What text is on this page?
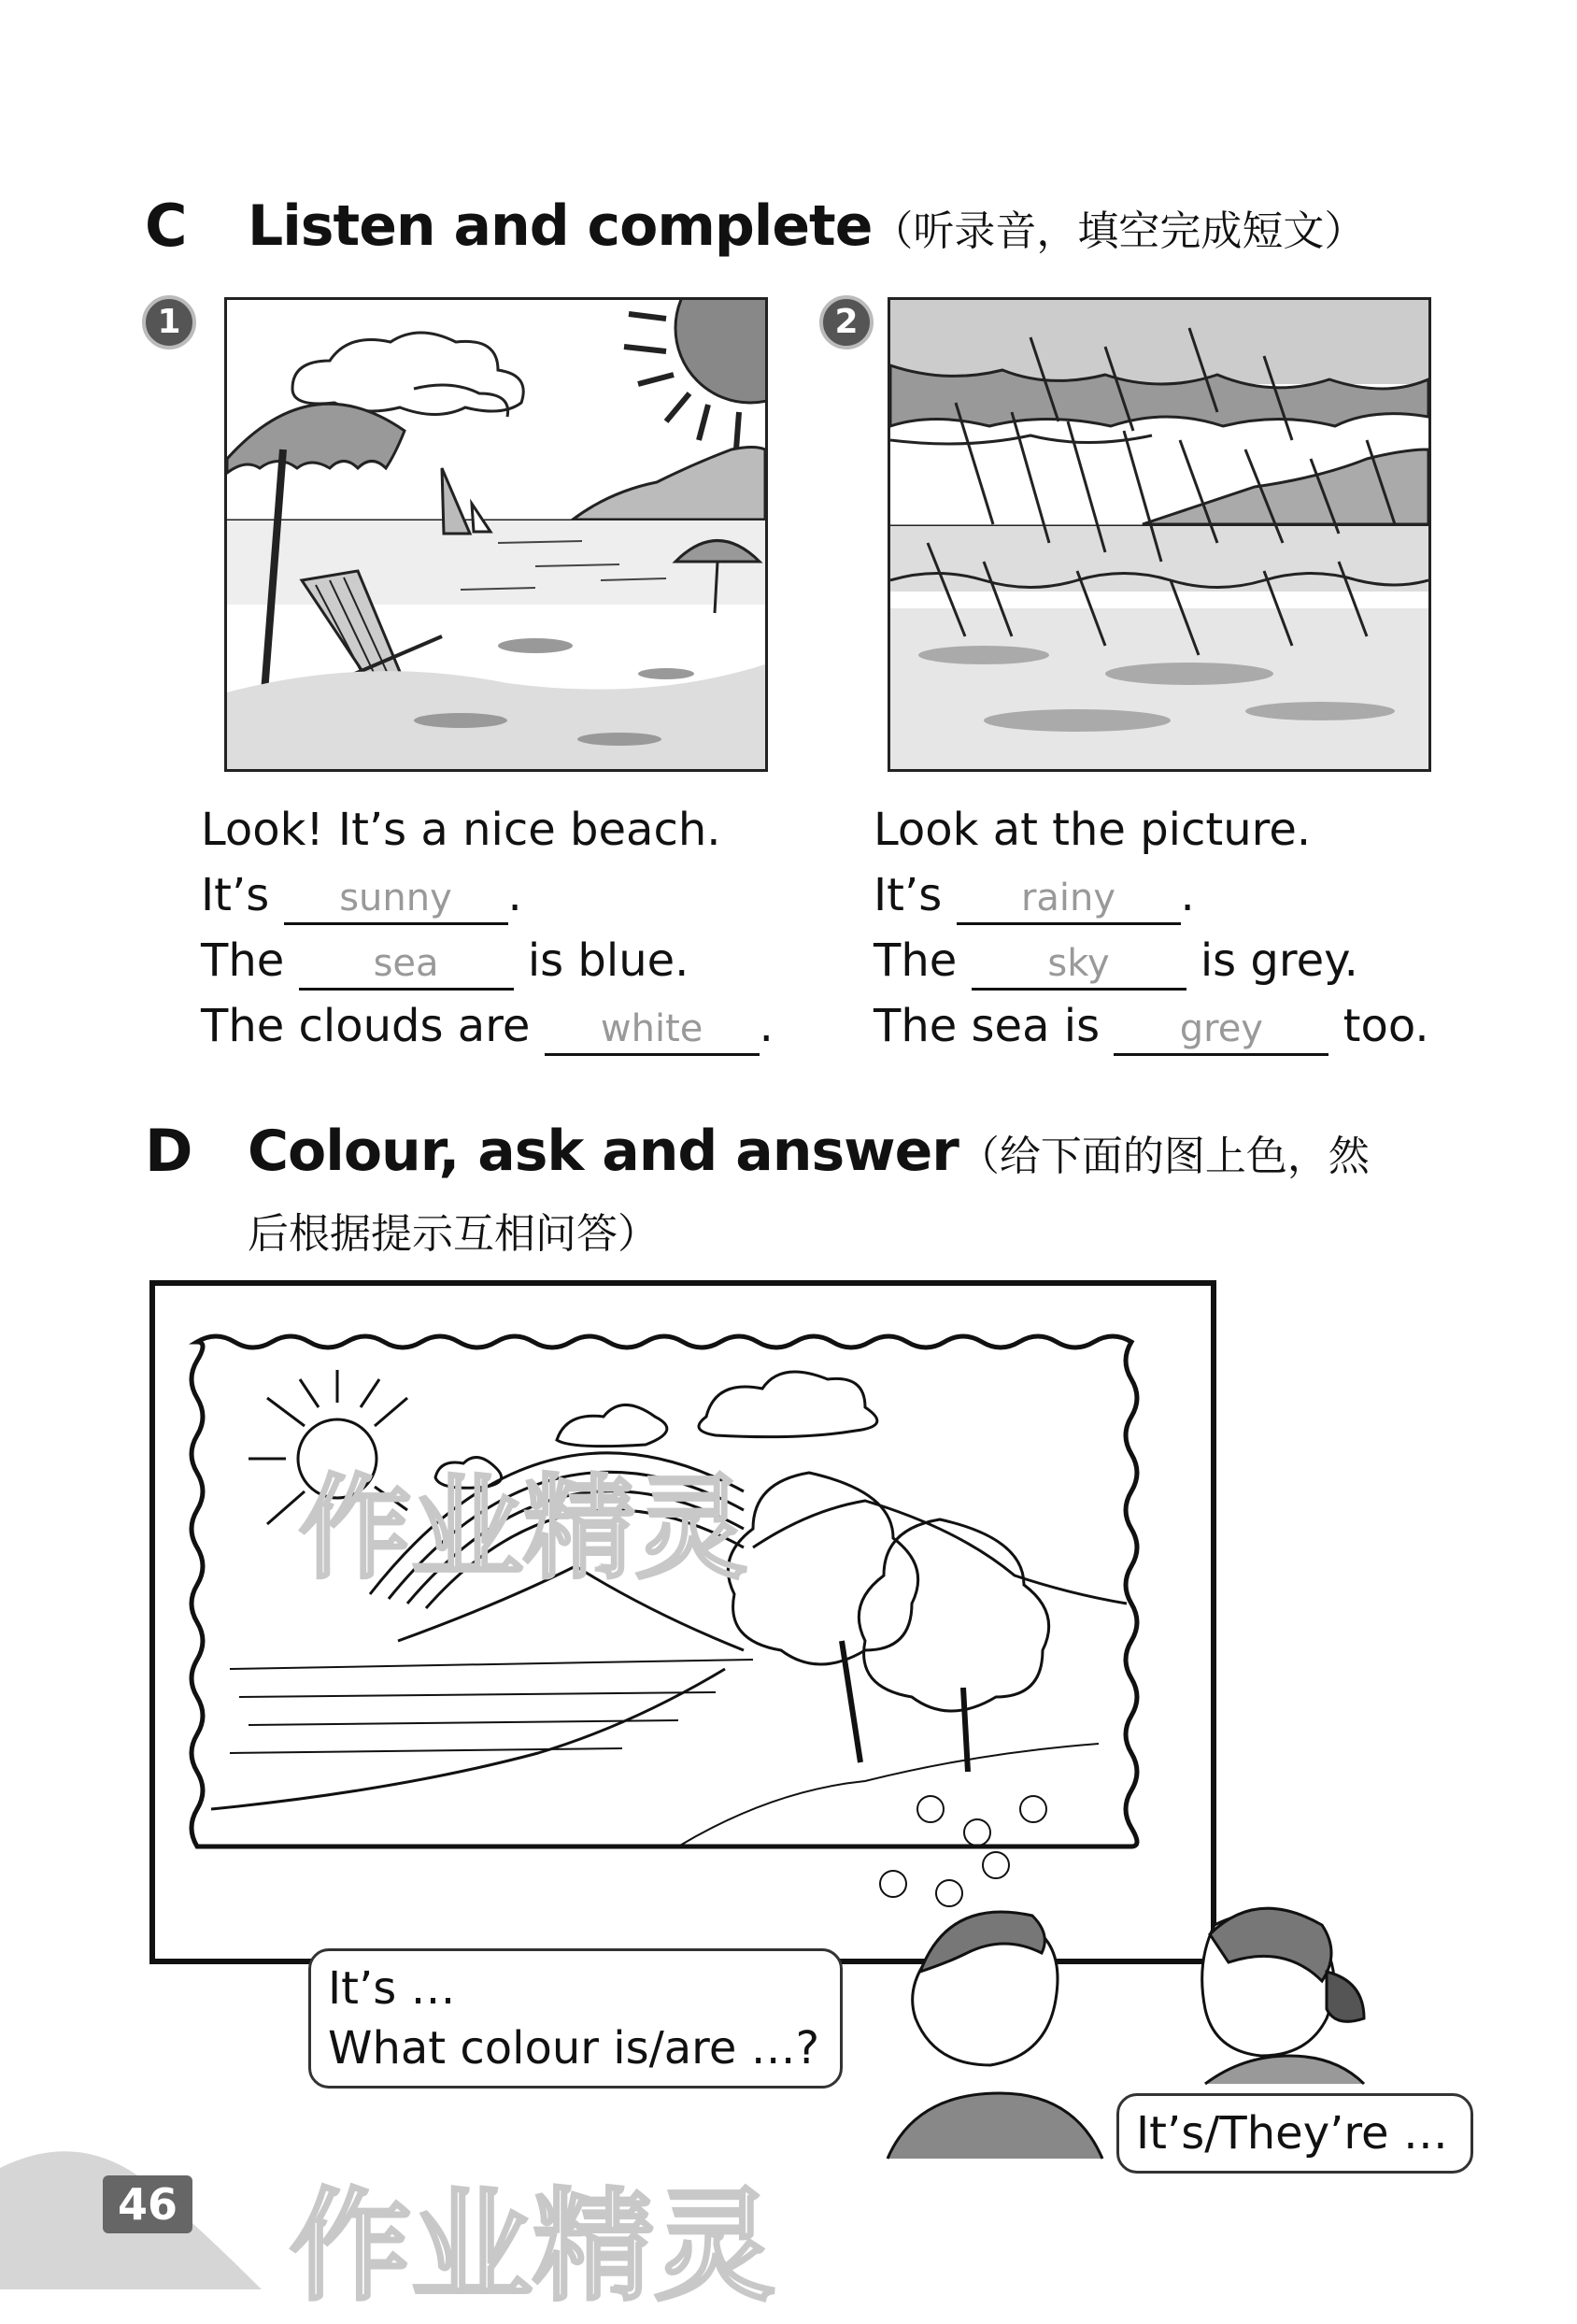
C Listen and complete（听录音，填空完成短文）
1	2
Look! It’s a nice beach.
It’s sunny .
The sea is blue.
The clouds are white .
Look at the picture.
It’s rainy .
The sky is grey.
The sea is grey too.
D Colour, ask and answer（给下面的图上色，然
后根据提示互相问答）
It’s …
What colour is/are …?
It’s/They’re …
46
作业精灵
作业精灵
